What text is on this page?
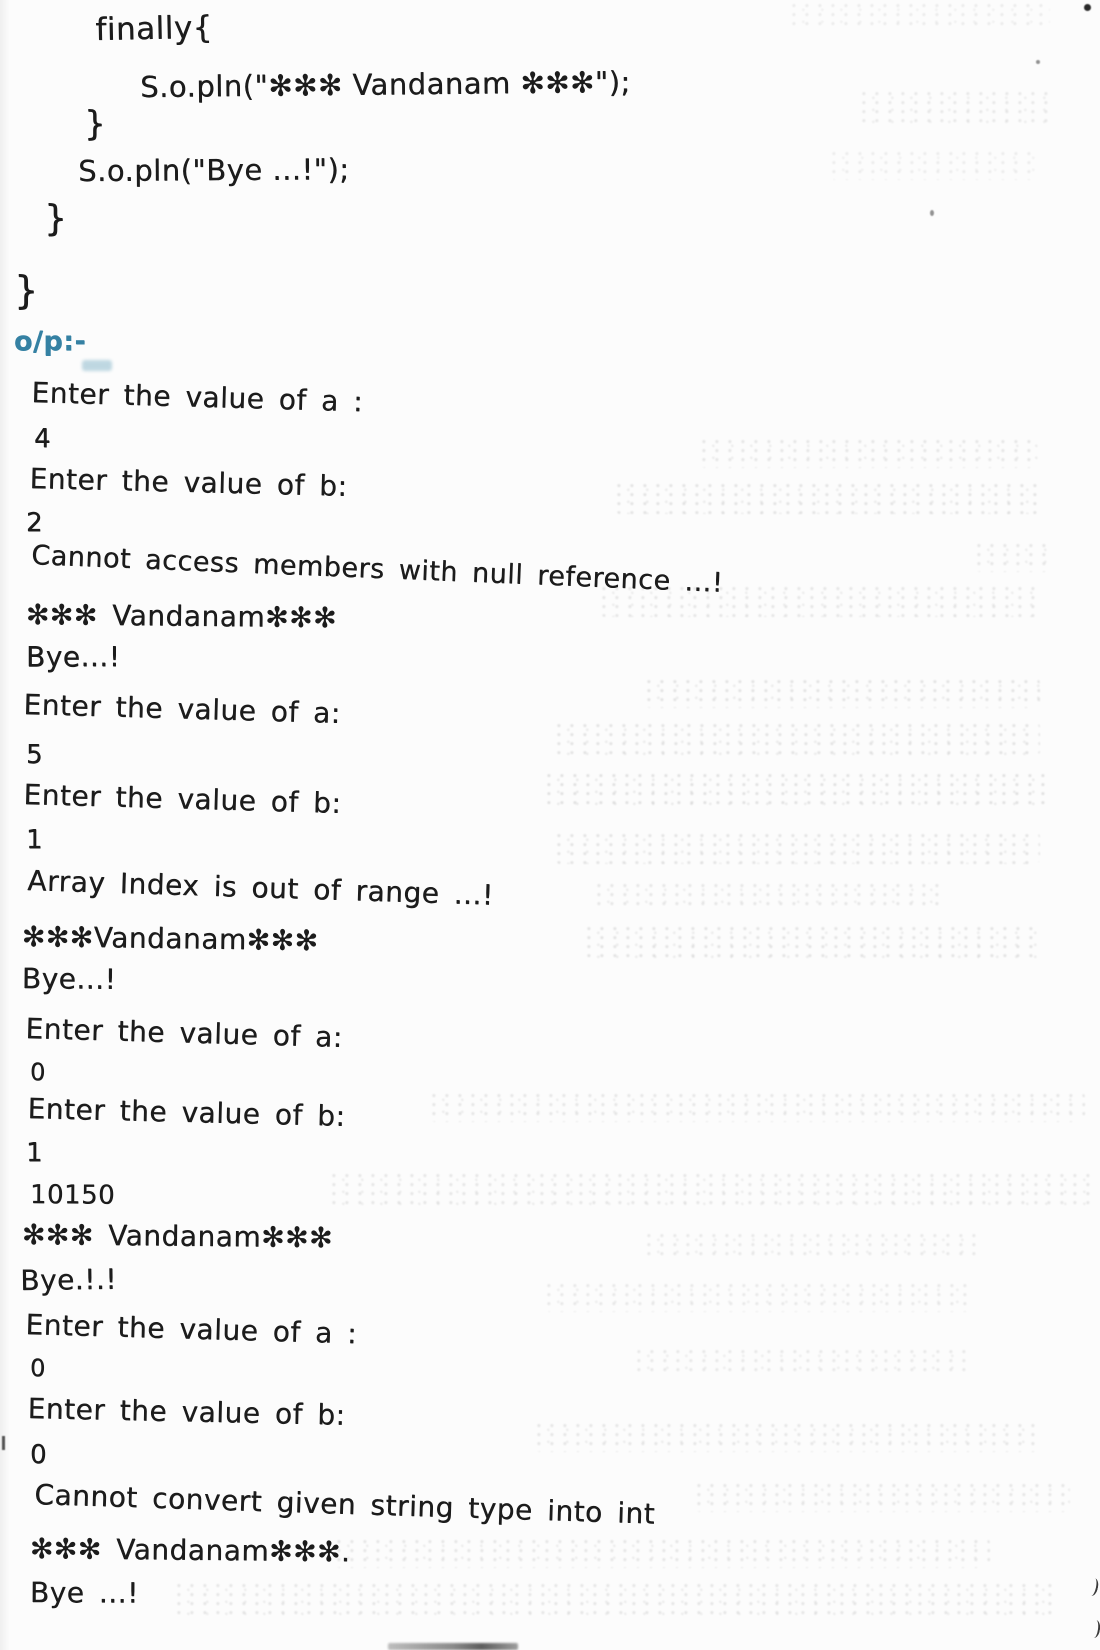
finally{
S.o.pln("✻✻✻ Vandanam ✻✻✻");
}
S.o.pln("Bye ...!");
}
}
o/p:-
Enter the value of a :
4
Enter the value of b:
2
Cannot access members with null reference ...!
✻✻✻ Vandanam✻✻✻
Bye...!
Enter the value of a:
5
Enter the value of b:
1
Array Index is out of range ...!
✻✻✻Vandanam✻✻✻
Bye...!
Enter the value of a:
0
Enter the value of b:
1
10150
✻✻✻ Vandanam✻✻✻
Bye.!.!
Enter the value of a :
0
Enter the value of b:
0
Cannot convert given string type into int
✻✻✻ Vandanam✻✻✻.
Bye ...!
